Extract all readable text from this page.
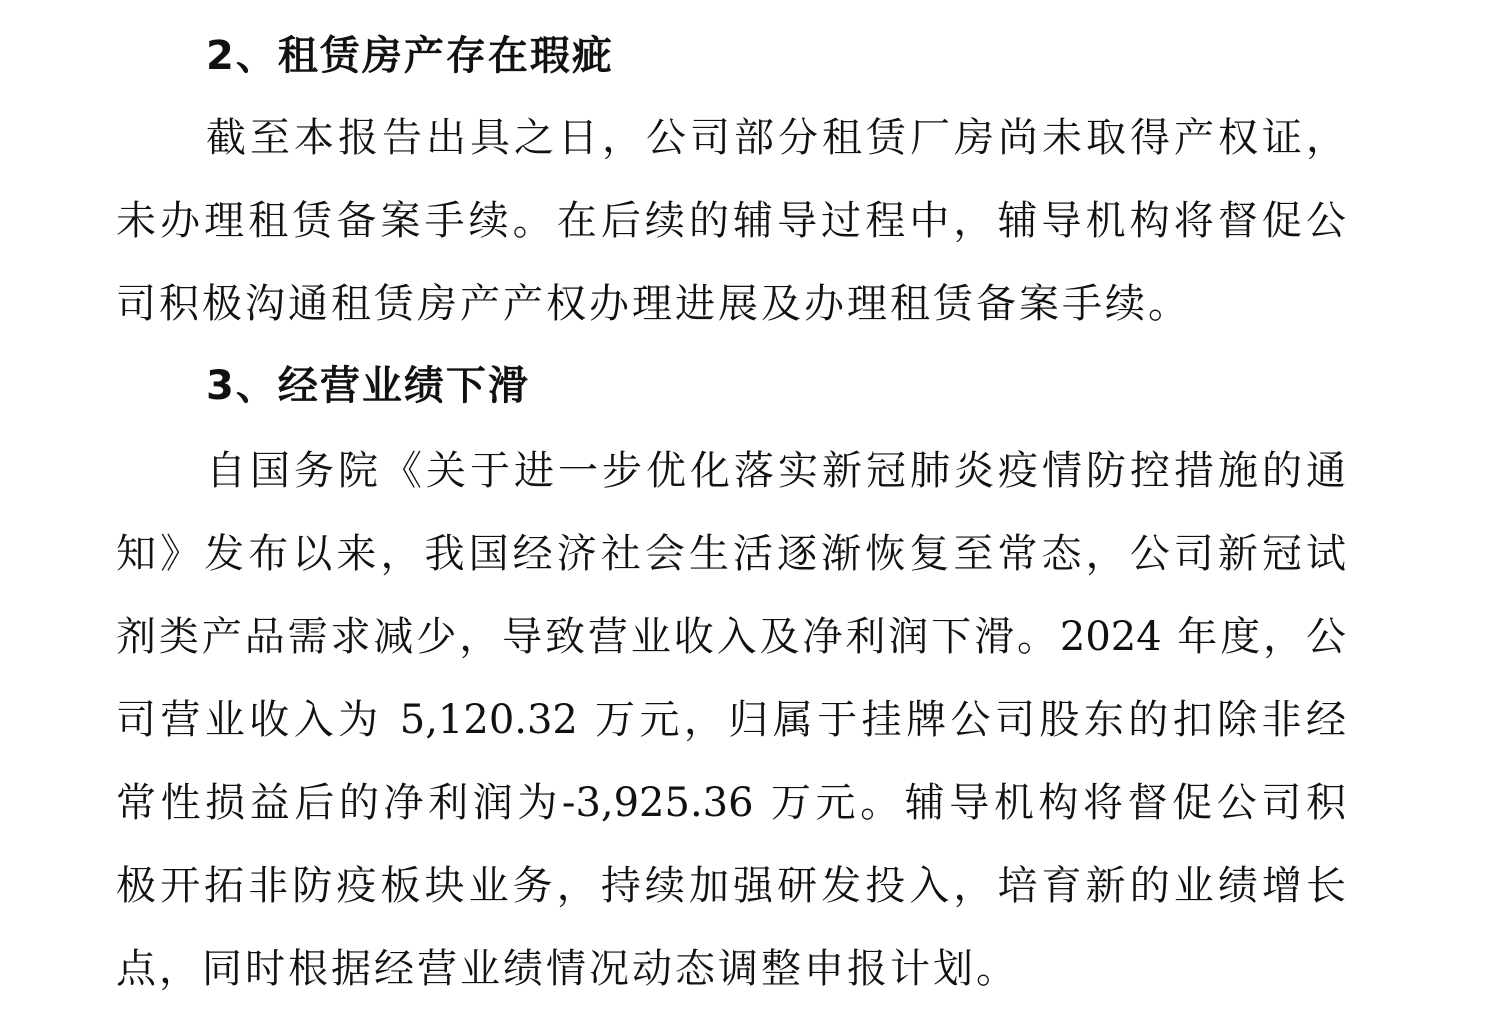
2、租赁房产存在瑕疵
截至本报告出具之日，公司部分租赁厂房尚未取得产权证，
未办理租赁备案手续。在后续的辅导过程中，辅导机构将督促公
司积极沟通租赁房产产权办理进展及办理租赁备案手续。
3、经营业绩下滑
自国务院《关于进一步优化落实新冠肺炎疫情防控措施的通
知》发布以来，我国经济社会生活逐渐恢复至常态，公司新冠试
剂类产品需求减少，导致营业收入及净利润下滑。2024 年度，公
司营业收入为 5,120.32 万元，归属于挂牌公司股东的扣除非经
常性损益后的净利润为-3,925.36 万元。辅导机构将督促公司积
极开拓非防疫板块业务，持续加强研发投入，培育新的业绩增长
点，同时根据经营业绩情况动态调整申报计划。
